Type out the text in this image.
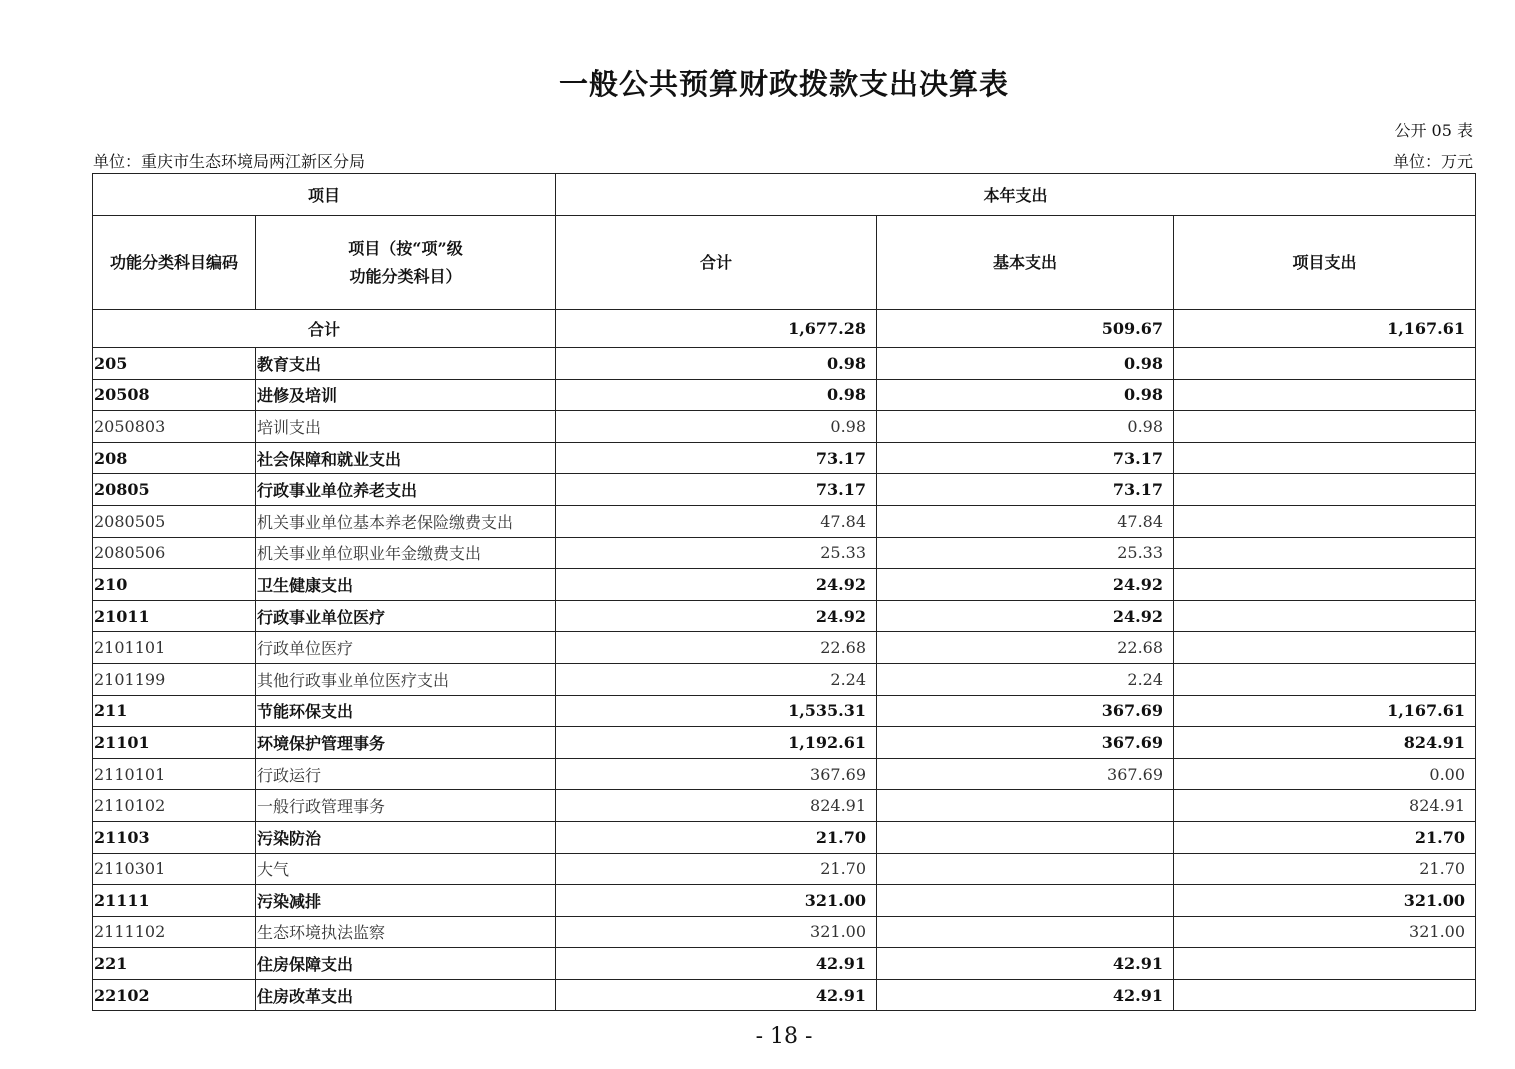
一般公共预算财政拨款支出决算表
公开 05 表
单位：重庆市生态环境局两江新区分局	单位：万元
项目		本年支出		
功能分类科目编码	项目（按“项”级
功能分类科目）	合计	基本支出	项目支出
合计		1,677.28	509.67	1,167.61
205	教育支出	0.98	0.98	
20508	进修及培训	0.98	0.98	
2050803	培训支出	0.98	0.98	
208	社会保障和就业支出	73.17	73.17	
20805	行政事业单位养老支出	73.17	73.17	
2080505	机关事业单位基本养老保险缴费支出	47.84	47.84	
2080506	机关事业单位职业年金缴费支出	25.33	25.33	
210	卫生健康支出	24.92	24.92	
21011	行政事业单位医疗	24.92	24.92	
2101101	行政单位医疗	22.68	22.68	
2101199	其他行政事业单位医疗支出	2.24	2.24	
211	节能环保支出	1,535.31	367.69	1,167.61
21101	环境保护管理事务	1,192.61	367.69	824.91
2110101	行政运行	367.69	367.69	0.00
2110102	一般行政管理事务	824.91		824.91
21103	污染防治	21.70		21.70
2110301	大气	21.70		21.70
21111	污染减排	321.00		321.00
2111102	生态环境执法监察	321.00		321.00
221	住房保障支出	42.91	42.91	
22102	住房改革支出	42.91	42.91	
- 18 -
